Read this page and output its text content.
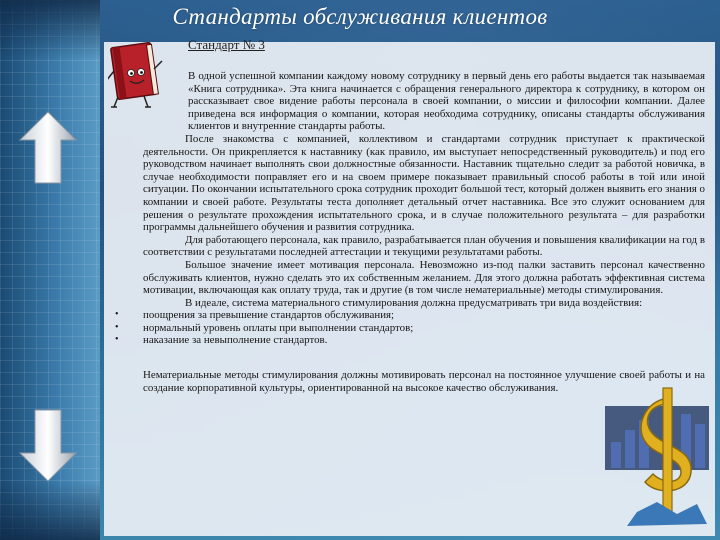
Стандарты обслуживания клиентов
Стандарт № 3

В одной успешной компании каждому новому сотруднику в первый день его работы выдается так называемая «Книга сотрудника». Эта книга начинается с обращения генерального директора к сотруднику, в котором он рассказывает свое видение работы персонала в своей компании, о миссии и философии компании. Далее приведена вся информация о компании, которая необходима сотруднику, описаны стандарты обслуживания клиентов и внутренние стандарты работы.

После знакомства с компанией, коллективом и стандартами сотрудник приступает к практической деятельности. Он прикрепляется к наставнику (как правило, им выступает непосредственный руководитель) и под его руководством начинает выполнять свои должностные обязанности. Наставник тщательно следит за работой новичка, в случае необходимости поправляет его и на своем примере показывает правильный способ работы в той или иной ситуации. По окончании испытательного срока сотрудник проходит большой тест, который должен выявить его знания о компании и своей работе. Результаты теста дополняет детальный отчет наставника. Все это служит основанием для решения о результате прохождения испытательного срока, и в случае положительного результата – для разработки программы дальнейшего обучения и развития сотрудника.

Для работающего персонала, как правило, разрабатывается план обучения и повышения квалификации на год в соответствии с результатами последней аттестации и текущими результатами работы.

Большое значение имеет мотивация персонала. Невозможно из-под палки заставить персонал качественно обслуживать клиентов, нужно сделать это их собственным желанием. Для этого должна работать эффективная система мотивации, включающая как оплату труда, так и другие (в том числе нематериальные) методы стимулирования.

В идеале, система материального стимулирования должна предусматривать три вида воздействия:

• поощрения за превышение стандартов обслуживания;
• нормальный уровень оплаты при выполнении стандартов;
• наказание за невыполнение стандартов.

Нематериальные методы стимулирования должны мотивировать персонал на постоянное улучшение своей работы и на создание корпоративной культуры, ориентированной на высокое качество обслуживания.
